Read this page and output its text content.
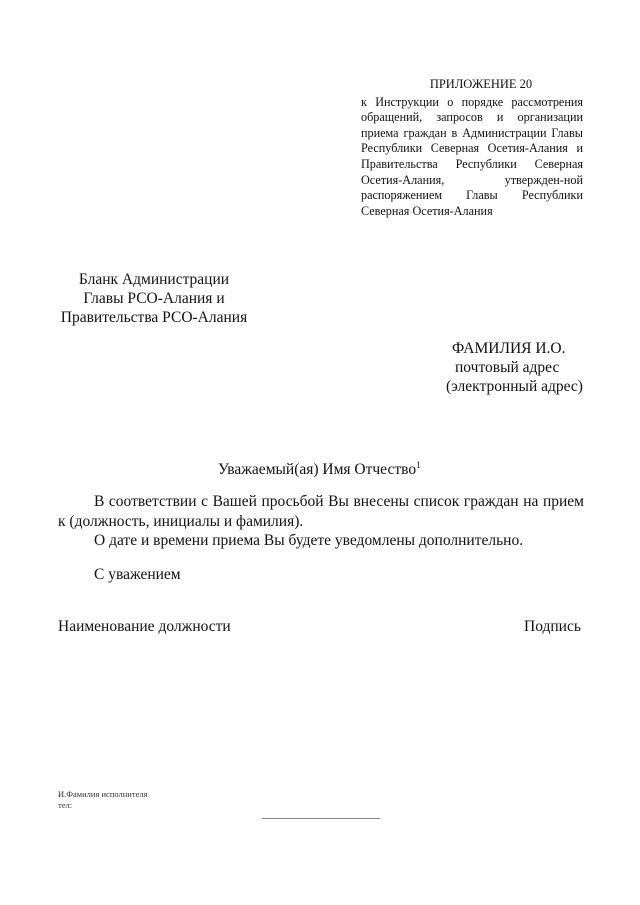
ПРИЛОЖЕНИЕ 20
к Инструкции о порядке рассмотрения обращений, запросов и организации приема граждан в Администрации Главы Республики Северная Осетия-Алания и Правительства Республики Северная Осетия-Алания, утвержден-ной распоряжением Главы Республики Северная Осетия-Алания
Бланк Администрации
Главы РСО-Алания и
Правительства РСО-Алания
ФАМИЛИЯ И.О.
почтовый адрес
(электронный адрес)
Уважаемый(ая) Имя Отчество$^1$
В соответствии с Вашей просьбой Вы внесены список граждан на прием к (должность, инициалы и фамилия).
О дате и времени приема Вы будете уведомлены дополнительно.
С уважением
Наименование должности	Подпись
И.Фамилия исполнителя
тел:
